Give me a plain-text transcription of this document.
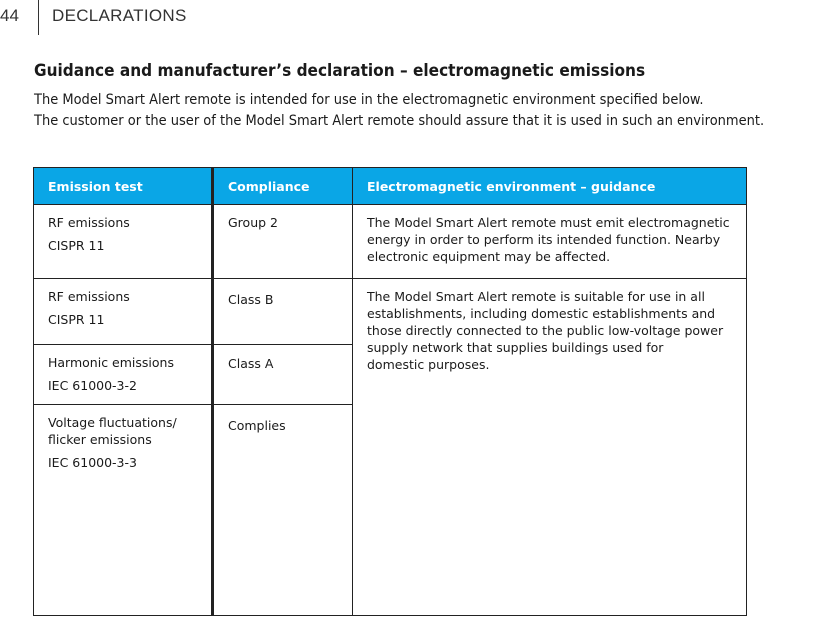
44 DECLARATIONS
Guidance and manufacturer’s declaration – electromagnetic emissions

The Model Smart Alert remote is intended for use in the electromagnetic environment specified below.

The customer or the user of the Model Smart Alert remote should assure that it is used in such an environment.

Emission test	Compliance	Electromagnetic environment – guidance

RF emissions
CISPR 11	Group 2	The Model Smart Alert remote must emit electromagnetic
energy in order to perform its intended function. Nearby
electronic equipment may be affected.

RF emissions
CISPR 11	Class B	The Model Smart Alert remote is suitable for use in all
establishments, including domestic establishments and
those directly connected to the public low-voltage power
supply network that supplies buildings used for
domestic purposes.

Harmonic emissions
IEC 61000-3-2	Class A	

Voltage fluctuations/
flicker emissions
IEC 61000-3-3	Complies	
